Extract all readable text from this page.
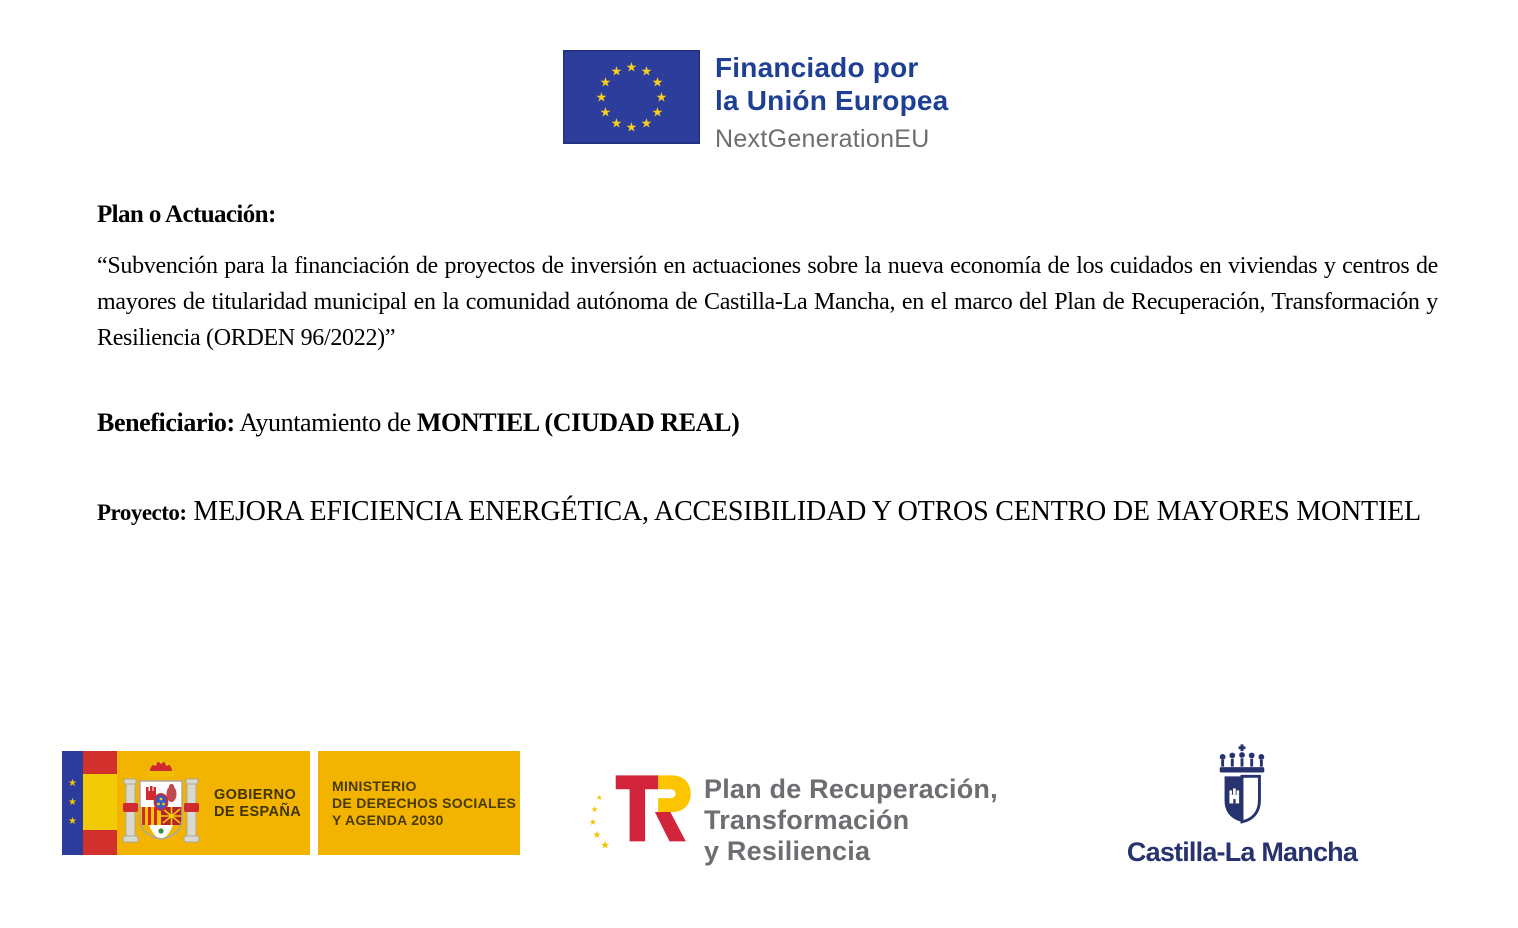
★ ★
★
★
★
★
★
★
★
★
★
★	Financiado por
la Unión Europea
NextGenerationEU
Plan o Actuación:

“Subvención para la financiación de proyectos de inversión en actuaciones sobre la nueva economía de los cuidados en viviendas y centros de mayores de titularidad municipal en la comunidad autónoma de Castilla-La Mancha, en el marco del Plan de Recuperación, Transformación y Resiliencia (ORDEN 96/2022)”

Beneficiario: Ayuntamiento de MONTIEL (CIUDAD REAL)

Proyecto: MEJORA EFICIENCIA ENERGÉTICA, ACCESIBILIDAD Y OTROS CENTRO DE MAYORES MONTIEL

★
★
★
GOBIERNO
DE ESPAÑA
MINISTERIO
DE DERECHOS SOCIALES
Y AGENDA 2030
★
★
★
★
★
Plan de Recuperación,
Transformación
y Resiliencia	Castilla-La Mancha
